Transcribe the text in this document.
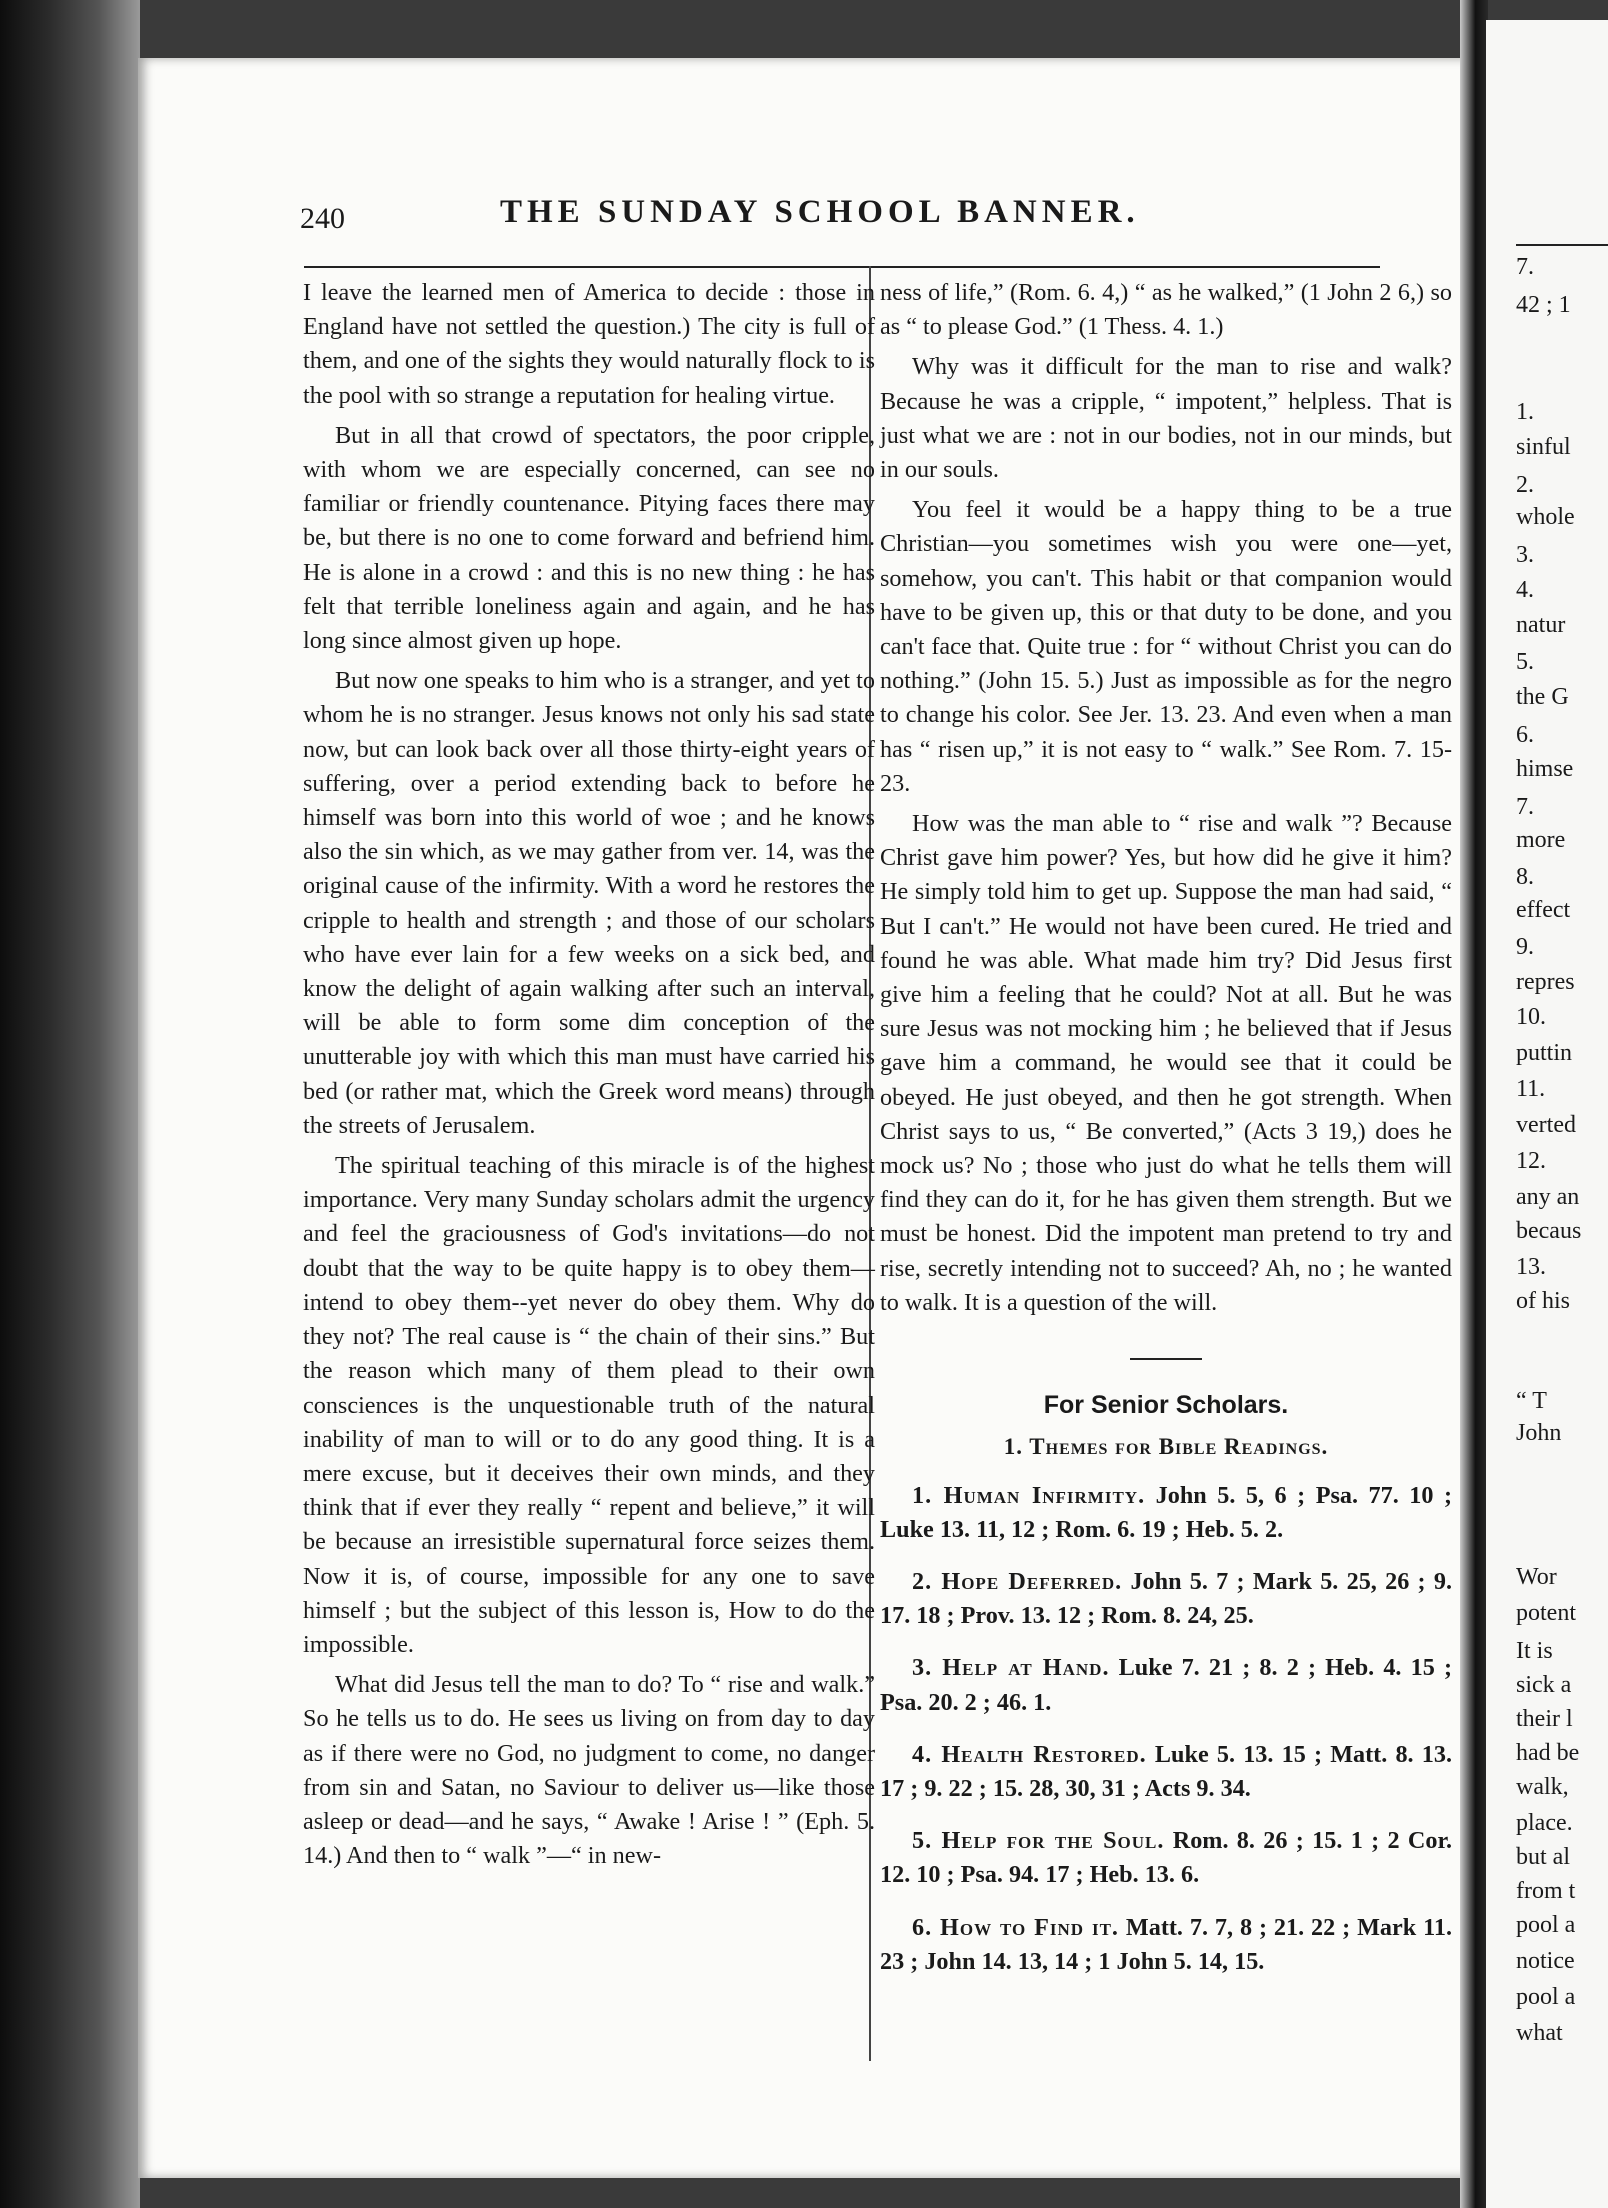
7.
42 ; 1
1.
sinful
2.
whole
3.
4.
natur
5.
the G
6.
himse
7.
more
8.
effect
9.
repres
10.
puttin
11.
verted
12.
any an
becaus
13.
of his
“ T
John
Wor
potent
It is
sick a
their l
had be
walk,
place.
but al
from t
pool a
notice
pool a
what
240	THE SUNDAY SCHOOL BANNER.

I leave the learned men of America to decide : those in England have not settled the question.) The city is full of them, and one of the sights they would naturally flock to is the pool with so strange a reputation for healing virtue.

But in all that crowd of spectators, the poor cripple, with whom we are especially concerned, can see no familiar or friendly countenance. Pitying faces there may be, but there is no one to come forward and befriend him. He is alone in a crowd : and this is no new thing : he has felt that terrible loneliness again and again, and he has long since almost given up hope.

But now one speaks to him who is a stranger, and yet to whom he is no stranger. Jesus knows not only his sad state now, but can look back over all those thirty-eight years of suffering, over a period extending back to before he himself was born into this world of woe ; and he knows also the sin which, as we may gather from ver. 14, was the original cause of the infirmity. With a word he restores the cripple to health and strength ; and those of our scholars who have ever lain for a few weeks on a sick bed, and know the delight of again walking after such an interval, will be able to form some dim conception of the unutterable joy with which this man must have carried his bed (or rather mat, which the Greek word means) through the streets of Jerusalem.

The spiritual teaching of this miracle is of the highest importance. Very many Sunday scholars admit the urgency and feel the graciousness of God's invitations—do not doubt that the way to be quite happy is to obey them—intend to obey them--yet never do obey them. Why do they not? The real cause is “ the chain of their sins.” But the reason which many of them plead to their own consciences is the unquestionable truth of the natural inability of man to will or to do any good thing. It is a mere excuse, but it deceives their own minds, and they think that if ever they really “ repent and believe,” it will be because an irresistible supernatural force seizes them. Now it is, of course, impossible for any one to save himself ; but the subject of this lesson is, How to do the impossible.

What did Jesus tell the man to do? To “ rise and walk.” So he tells us to do. He sees us living on from day to day as if there were no God, no judgment to come, no danger from sin and Satan, no Saviour to deliver us—like those asleep or dead—and he says, “ Awake ! Arise ! ” (Eph. 5. 14.) And then to “ walk ”—“ in new-

ness of life,” (Rom. 6. 4,) “ as he walked,” (1 John 2 6,) so as “ to please God.” (1 Thess. 4. 1.)

Why was it difficult for the man to rise and walk? Because he was a cripple, “ impotent,” helpless. That is just what we are : not in our bodies, not in our minds, but in our souls.

You feel it would be a happy thing to be a true Christian—you sometimes wish you were one—yet, somehow, you can't. This habit or that companion would have to be given up, this or that duty to be done, and you can't face that. Quite true : for “ without Christ you can do nothing.” (John 15. 5.) Just as impossible as for the negro to change his color. See Jer. 13. 23. And even when a man has “ risen up,” it is not easy to “ walk.” See Rom. 7. 15-23.

How was the man able to “ rise and walk ”? Because Christ gave him power? Yes, but how did he give it him? He simply told him to get up. Suppose the man had said, “ But I can't.” He would not have been cured. He tried and found he was able. What made him try? Did Jesus first give him a feeling that he could? Not at all. But he was sure Jesus was not mocking him ; he believed that if Jesus gave him a command, he would see that it could be obeyed. He just obeyed, and then he got strength. When Christ says to us, “ Be converted,” (Acts 3 19,) does he mock us? No ; those who just do what he tells them will find they can do it, for he has given them strength. But we must be honest. Did the impotent man pretend to try and rise, secretly intending not to succeed? Ah, no ; he wanted to walk. It is a question of the will.

For Senior Scholars.
1. Themes for Bible Readings.
1. Human Infirmity. John 5. 5, 6 ; Psa. 77. 10 ; Luke 13. 11, 12 ; Rom. 6. 19 ; Heb. 5. 2.
2. Hope Deferred. John 5. 7 ; Mark 5. 25, 26 ; 9. 17. 18 ; Prov. 13. 12 ; Rom. 8. 24, 25.
3. Help at Hand. Luke 7. 21 ; 8. 2 ; Heb. 4. 15 ; Psa. 20. 2 ; 46. 1.
4. Health Restored. Luke 5. 13. 15 ; Matt. 8. 13. 17 ; 9. 22 ; 15. 28, 30, 31 ; Acts 9. 34.
5. Help for the Soul. Rom. 8. 26 ; 15. 1 ; 2 Cor. 12. 10 ; Psa. 94. 17 ; Heb. 13. 6.
6. How to Find it. Matt. 7. 7, 8 ; 21. 22 ; Mark 11. 23 ; John 14. 13, 14 ; 1 John 5. 14, 15.
